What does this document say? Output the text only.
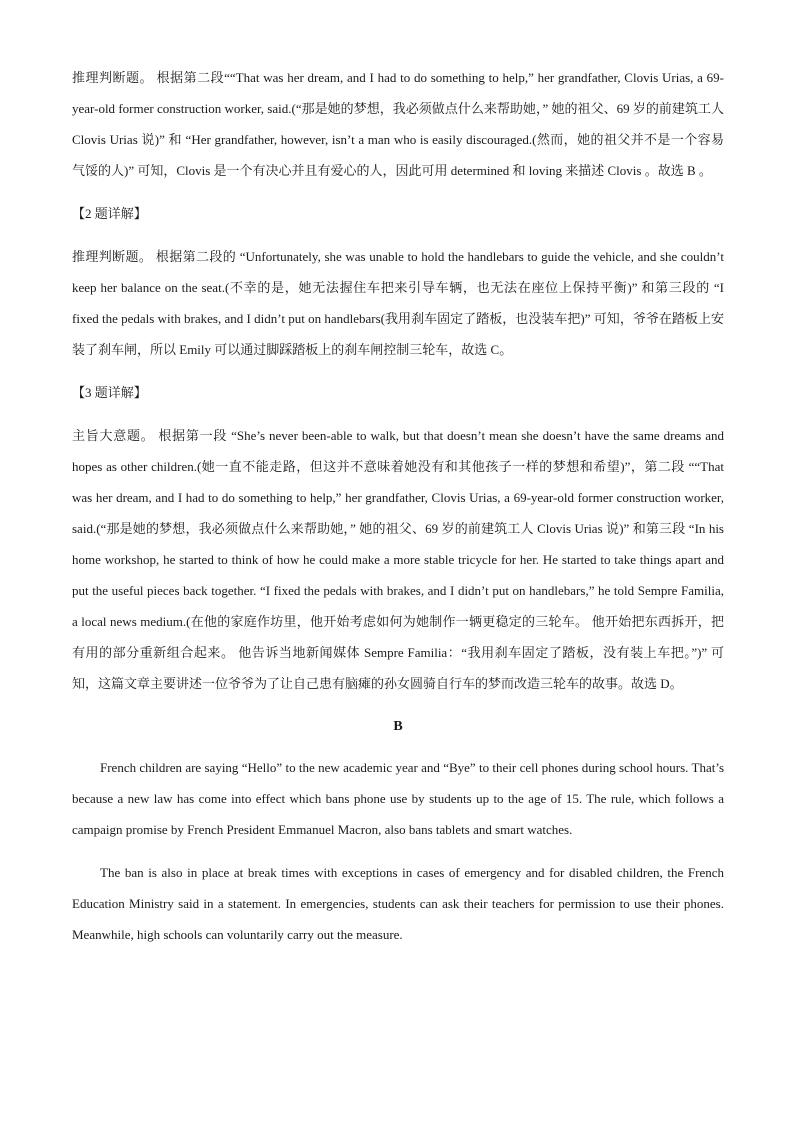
推理判断题。 根据第二段““That was her dream, and I had to do something to help,” her grandfather, Clovis Urias, a 69-year-old former construction worker, said.(“那是她的梦想，我必须做点什么来帮助她，” 她的祖父、69 岁的前建筑工人 Clovis Urias 说)” 和 “Her grandfather, however, isn’t a man who is easily discouraged.(然而，她的祖父并不是一个容易气馁的人)” 可知，Clovis 是一个有决心并且有爱心的人，因此可用 determined 和 loving 来描述 Clovis 。故选 B 。

【2 题详解】

推理判断题。 根据第二段的 “Unfortunately, she was unable to hold the handlebars to guide the vehicle, and she couldn’t keep her balance on the seat.(不幸的是，她无法握住车把来引导车辆，也无法在座位上保持平衡)” 和第三段的 “I fixed the pedals with brakes, and I didn’t put on handlebars(我用刹车固定了踏板，也没装车把)” 可知，爷爷在踏板上安装了刹车闸，所以 Emily 可以通过脚踩踏板上的刹车闸控制三轮车，故选 C。

【3 题详解】

主旨大意题。 根据第一段 “She’s never been-able to walk, but that doesn’t mean she doesn’t have the same dreams and hopes as other children.(她一直不能走路，但这并不意味着她没有和其他孩子一样的梦想和希望)”，第二段 ““That was her dream, and I had to do something to help,” her grandfather, Clovis Urias, a 69-year-old former construction worker, said.(“那是她的梦想，我必须做点什么来帮助她，” 她的祖父、69 岁的前建筑工人 Clovis Urias 说)” 和第三段 “In his home workshop, he started to think of how he could make a more stable tricycle for her. He started to take things apart and put the useful pieces back together. “I fixed the pedals with brakes, and I didn’t put on handlebars,” he told Sempre Familia, a local news medium.(在他的家庭作坊里，他开始考虑如何为她制作一辆更稳定的三轮车。 他开始把东西拆开，把有用的部分重新组合起来。 他告诉当地新闻媒体 Sempre Familia：“我用刹车固定了踏板，没有装上车把。”)” 可知，这篇文章主要讲述一位爷爷为了让自己患有脑瘫的孙女圆骑自行车的梦而改造三轮车的故事。故选 D。

B

French children are saying “Hello” to the new academic year and “Bye” to their cell phones during school hours. That’s because a new law has come into effect which bans phone use by students up to the age of 15. The rule, which follows a campaign promise by French President Emmanuel Macron, also bans tablets and smart watches.

The ban is also in place at break times with exceptions in cases of emergency and for disabled children, the French Education Ministry said in a statement. In emergencies, students can ask their teachers for permission to use their phones. Meanwhile, high schools can voluntarily carry out the measure.
